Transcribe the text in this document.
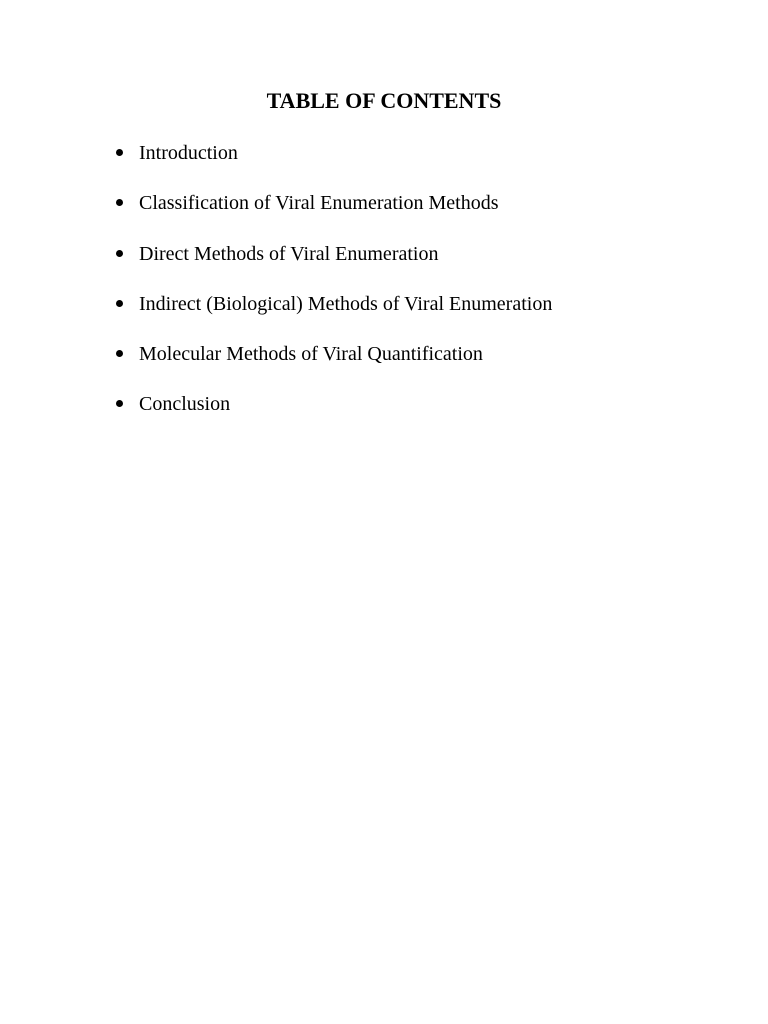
TABLE OF CONTENTS
Introduction
Classification of Viral Enumeration Methods
Direct Methods of Viral Enumeration
Indirect (Biological) Methods of Viral Enumeration
Molecular Methods of Viral Quantification
Conclusion
